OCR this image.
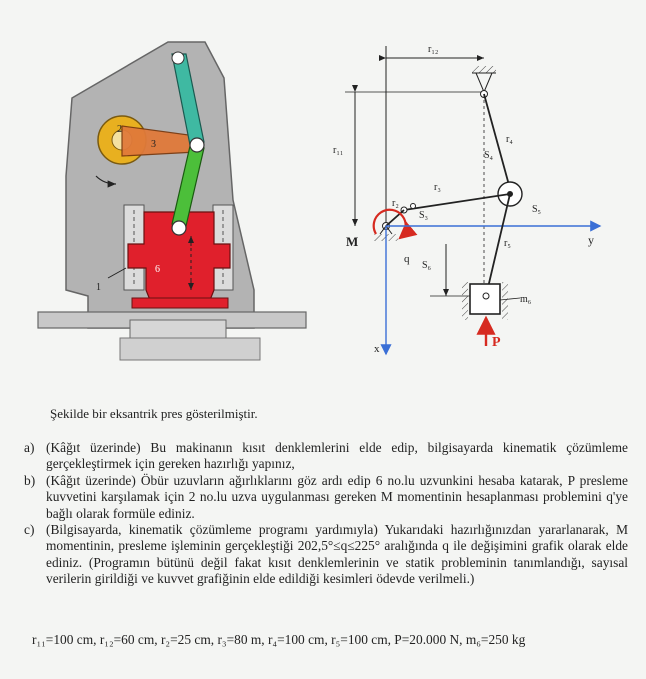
2
3
6
1
r₁₂
r₁₁
r₄
S₄
S₅
r₃
S₃
r₂
M	y
x
q
S₆
r₅
m₆
P
Şekilde bir eksantrik pres gösterilmiştir.
a) (Kâğıt üzerinde) Bu makinanın kısıt denklemlerini elde edip, bilgisayarda kinematik çözümleme gerçekleştirmek için gereken hazırlığı yapınız,
b) (Kâğıt üzerinde) Öbür uzuvların ağırlıklarını göz ardı edip 6 no.lu uzvunkini hesaba katarak, P presleme kuvvetini karşılamak için 2 no.lu uzva uygulanması gereken M momentinin hesaplanması problemini q'ye bağlı olarak formüle ediniz.
c) (Bilgisayarda, kinematik çözümleme programı yardımıyla) Yukarıdaki hazırlığınızdan yararlanarak, M momentinin, presleme işleminin gerçekleştiği 202,5°≤q≤225° aralığında q ile değişimini grafik olarak elde ediniz. (Programın bütünü değil fakat kısıt denklemlerinin ve statik probleminin tanımlandığı, sayısal verilerin girildiği ve kuvvet grafiğinin elde edildiği kesimleri ödevde verilmeli.)
r₁₁=100 cm, r₁₂=60 cm, r₂=25 cm, r₃=80 m, r₄=100 cm, r₅=100 cm, P=20.000 N, m₆=250 kg
